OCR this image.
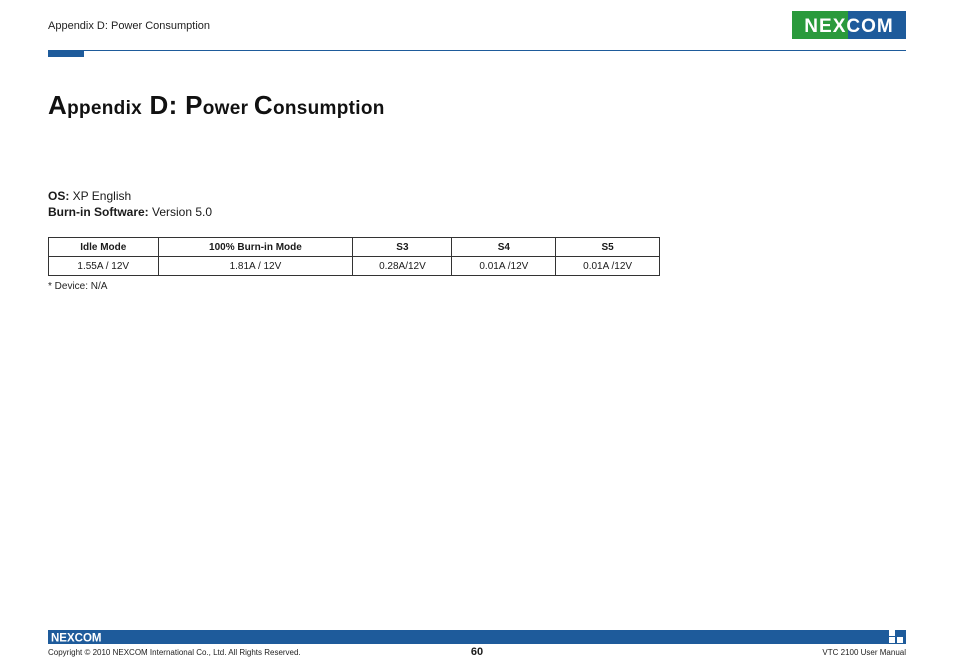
Appendix D: Power Consumption	NEXCOM
Appendix D: Power Consumption
OS: XP English
Burn-in Software: Version 5.0
Idle Mode	100% Burn-in Mode	S3	S4	S5
1.55A / 12V	1.81A / 12V	0.28A/12V	0.01A /12V	0.01A /12V
* Device: N/A
NEXCOM
Copyright © 2010 NEXCOM International Co., Ltd. All Rights Reserved.	60	VTC 2100 User Manual
